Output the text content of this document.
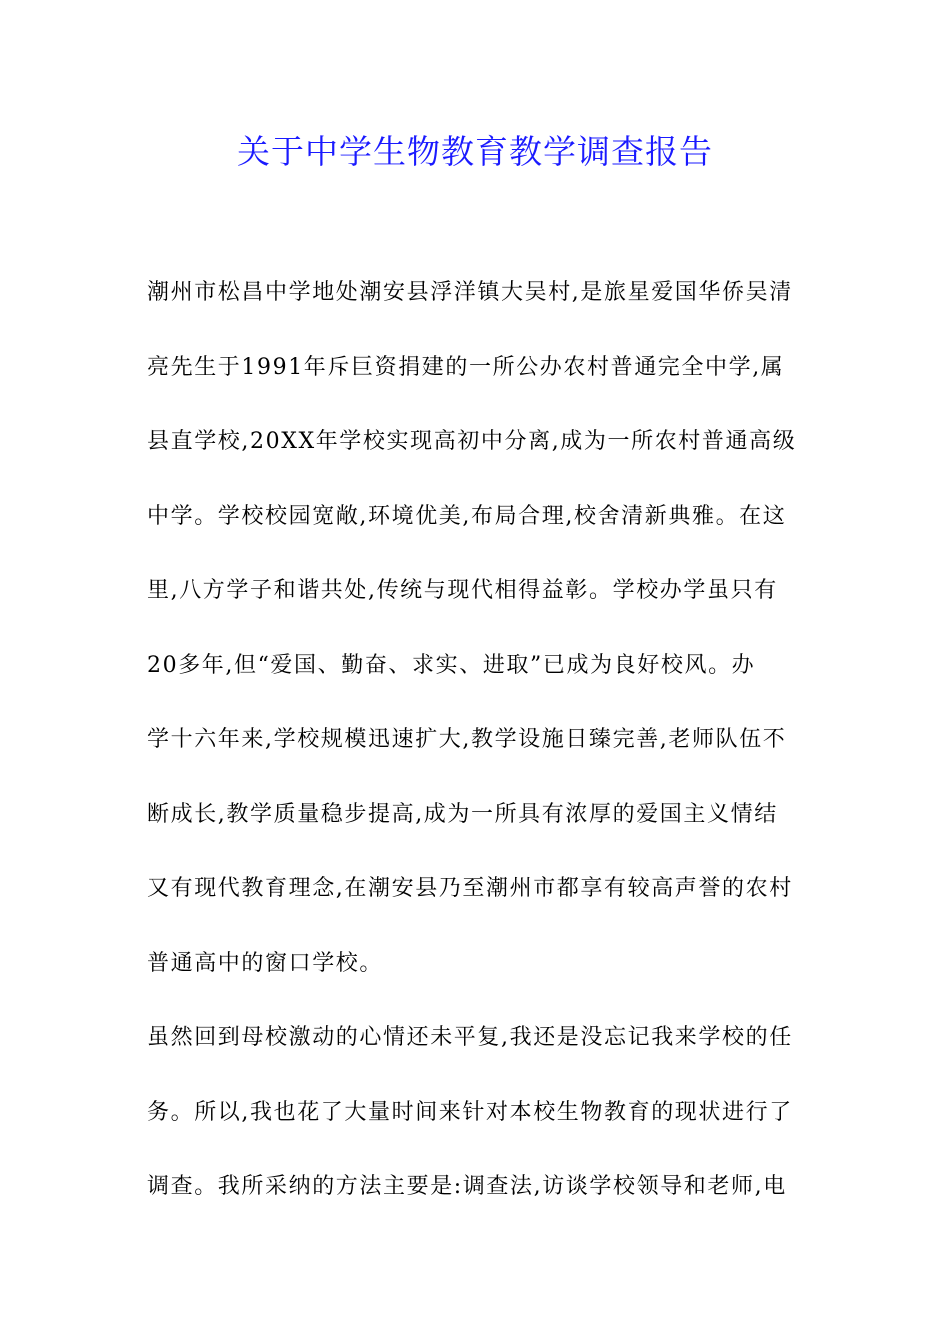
关于中学生物教育教学调查报告
潮州市松昌中学地处潮安县浮洋镇大吴村,是旅星爱国华侨吴清
亮先生于1991年斥巨资捐建的一所公办农村普通完全中学,属
县直学校,20XX年学校实现高初中分离,成为一所农村普通高级
中学。学校校园宽敞,环境优美,布局合理,校舍清新典雅。在这
里,八方学子和谐共处,传统与现代相得益彰。学校办学虽只有
20多年,但“爱国、勤奋、求实、进取”已成为良好校风。办
学十六年来,学校规模迅速扩大,教学设施日臻完善,老师队伍不
断成长,教学质量稳步提高,成为一所具有浓厚的爱国主义情结
又有现代教育理念,在潮安县乃至潮州市都享有较高声誉的农村
普通高中的窗口学校。
虽然回到母校激动的心情还未平复,我还是没忘记我来学校的任
务。所以,我也花了大量时间来针对本校生物教育的现状进行了
调查。我所采纳的方法主要是:调查法,访谈学校领导和老师,电
